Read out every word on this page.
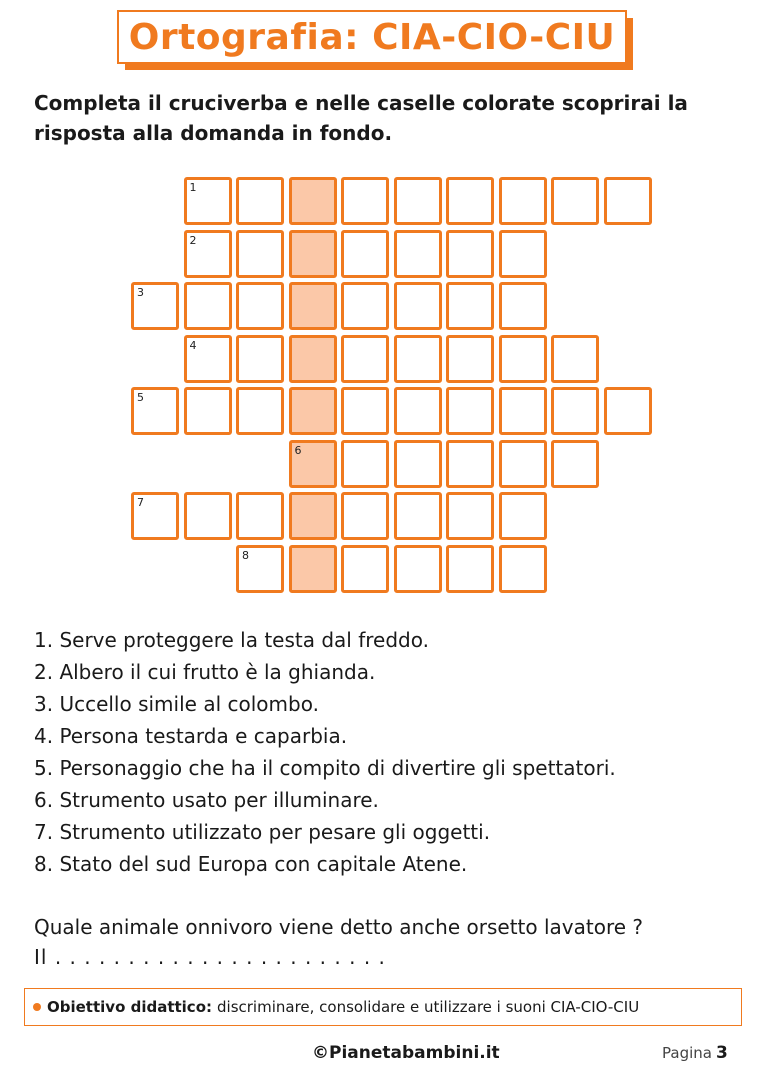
Ortografia: CIA-CIO-CIU
Completa il cruciverba e nelle caselle colorate scoprirai la risposta alla domanda in fondo.
1
2
3
4
5
6
7
8
1. Serve proteggere la testa dal freddo.
2. Albero il cui frutto è la ghianda.
3. Uccello simile al colombo.
4. Persona testarda e caparbia.
5. Personaggio che ha il compito di divertire gli spettatori.
6. Strumento usato per illuminare.
7. Strumento utilizzato per pesare gli oggetti.
8. Stato del sud Europa con capitale Atene.
Quale animale onnivoro viene detto anche orsetto lavatore ?
Il . . . . . . . . . . . . . . . . . . . . . . .
Obiettivo didattico: discriminare, consolidare e utilizzare i suoni CIA-CIO-CIU
©Pianetabambini.it	Pagina 3
